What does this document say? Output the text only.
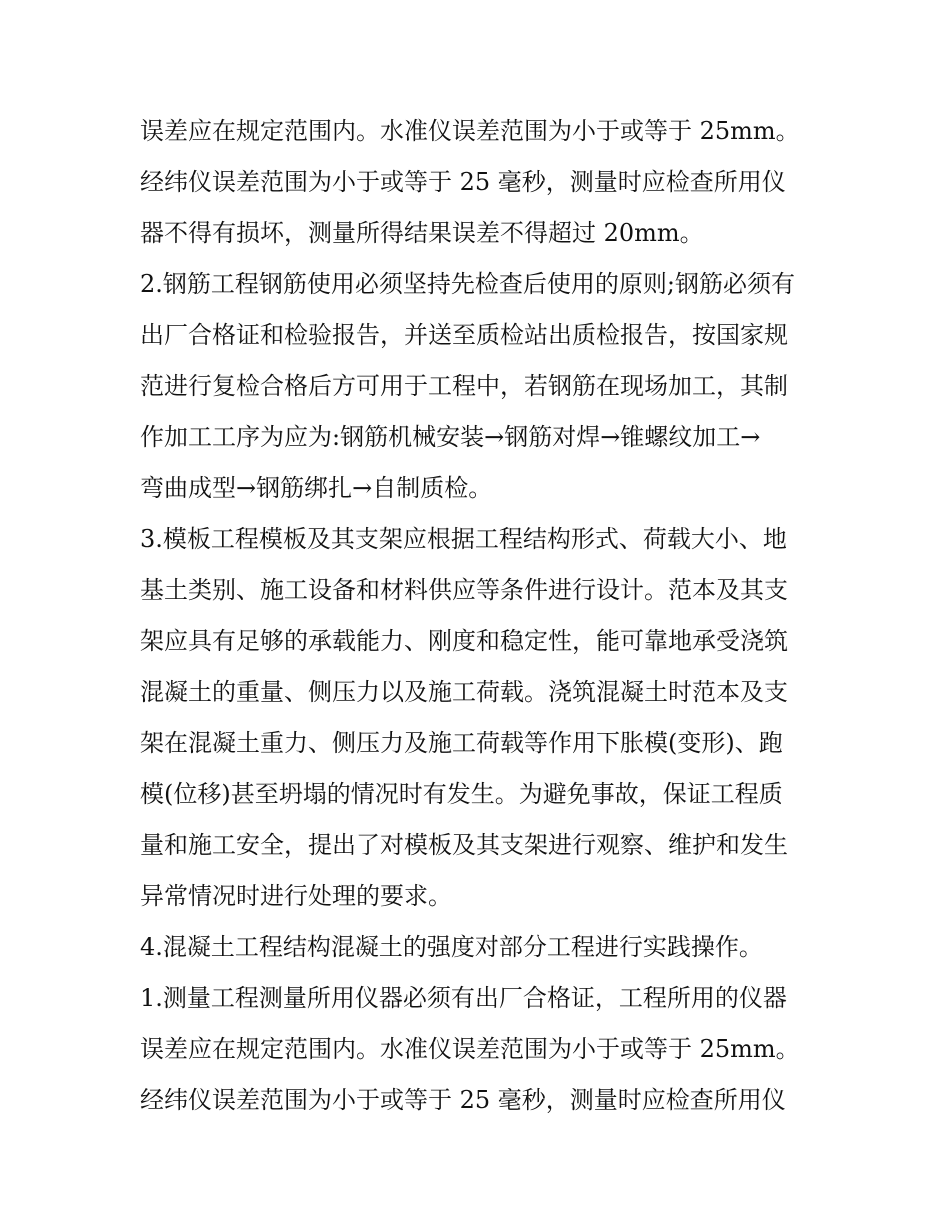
误差应在规定范围内。水准仪误差范围为小于或等于 25mm。
经纬仪误差范围为小于或等于 25 毫秒，测量时应检查所用仪
器不得有损坏，测量所得结果误差不得超过 20mm。
2.钢筋工程钢筋使用必须坚持先检查后使用的原则;钢筋必须有
出厂合格证和检验报告，并送至质检站出质检报告，按国家规
范进行复检合格后方可用于工程中，若钢筋在现场加工，其制
作加工工序为应为:钢筋机械安装→钢筋对焊→锥螺纹加工→
弯曲成型→钢筋绑扎→自制质检。
3.模板工程模板及其支架应根据工程结构形式、荷载大小、地
基土类别、施工设备和材料供应等条件进行设计。范本及其支
架应具有足够的承载能力、刚度和稳定性，能可靠地承受浇筑
混凝土的重量、侧压力以及施工荷载。浇筑混凝土时范本及支
架在混凝土重力、侧压力及施工荷载等作用下胀模(变形)、跑
模(位移)甚至坍塌的情况时有发生。为避免事故，保证工程质
量和施工安全，提出了对模板及其支架进行观察、维护和发生
异常情况时进行处理的要求。
4.混凝土工程结构混凝土的强度对部分工程进行实践操作。
1.测量工程测量所用仪器必须有出厂合格证，工程所用的仪器
误差应在规定范围内。水准仪误差范围为小于或等于 25mm。
经纬仪误差范围为小于或等于 25 毫秒，测量时应检查所用仪
